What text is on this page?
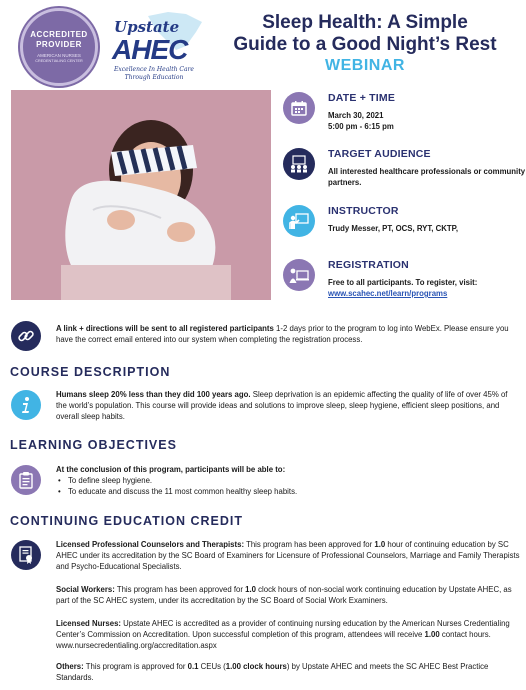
ACCREDITED
PROVIDER
AMERICAN NURSES
CREDENTIALING CENTER
Upstate
AHEC
Excellence In Health Care
Through Education
Sleep Health: A Simple
Guide to a Good Night’s Rest
WEBINAR
DATE + TIME
March 30, 2021
5:00 pm - 6:15 pm
TARGET AUDIENCE
All interested healthcare professionals or community partners.
INSTRUCTOR
Trudy Messer, PT, OCS, RYT, CKTP,
REGISTRATION
Free to all participants. To register, visit: www.scahec.net/learn/programs
A link + directions will be sent to all registered participants 1-2 days prior to the program to log into WebEx. Please ensure you have the correct email entered into our system when completing the registration process.
COURSE DESCRIPTION
Humans sleep 20% less than they did 100 years ago. Sleep deprivation is an epidemic affecting the quality of life of over 45% of the world’s population. This course will provide ideas and solutions to improve sleep, sleep hygiene, efficient sleep positions, and overall sleep habits.
LEARNING OBJECTIVES
At the conclusion of this program, participants will be able to:
• To define sleep hygiene.
• To educate and discuss the 11 most common healthy sleep habits.
CONTINUING EDUCATION CREDIT
Licensed Professional Counselors and Therapists: This program has been approved for 1.0 hour of continuing education by SC AHEC under its accreditation by the SC Board of Examiners for Licensure of Professional Counselors, Marriage and Family Therapists and Psycho-Educational Specialists.
Social Workers: This program has been approved for 1.0 clock hours of non-social work continuing education by Upstate AHEC, as part of the SC AHEC system, under its accreditation by the SC Board of Social Work Examiners.
Licensed Nurses: Upstate AHEC is accredited as a provider of continuing nursing education by the American Nurses Credentialing Center’s Commission on Accreditation. Upon successful completion of this program, attendees will receive 1.00 contact hours. www.nursecredentialing.org/accreditation.aspx
Others: This program is approved for 0.1 CEUs (1.00 clock hours) by Upstate AHEC and meets the SC AHEC Best Practice Standards.
